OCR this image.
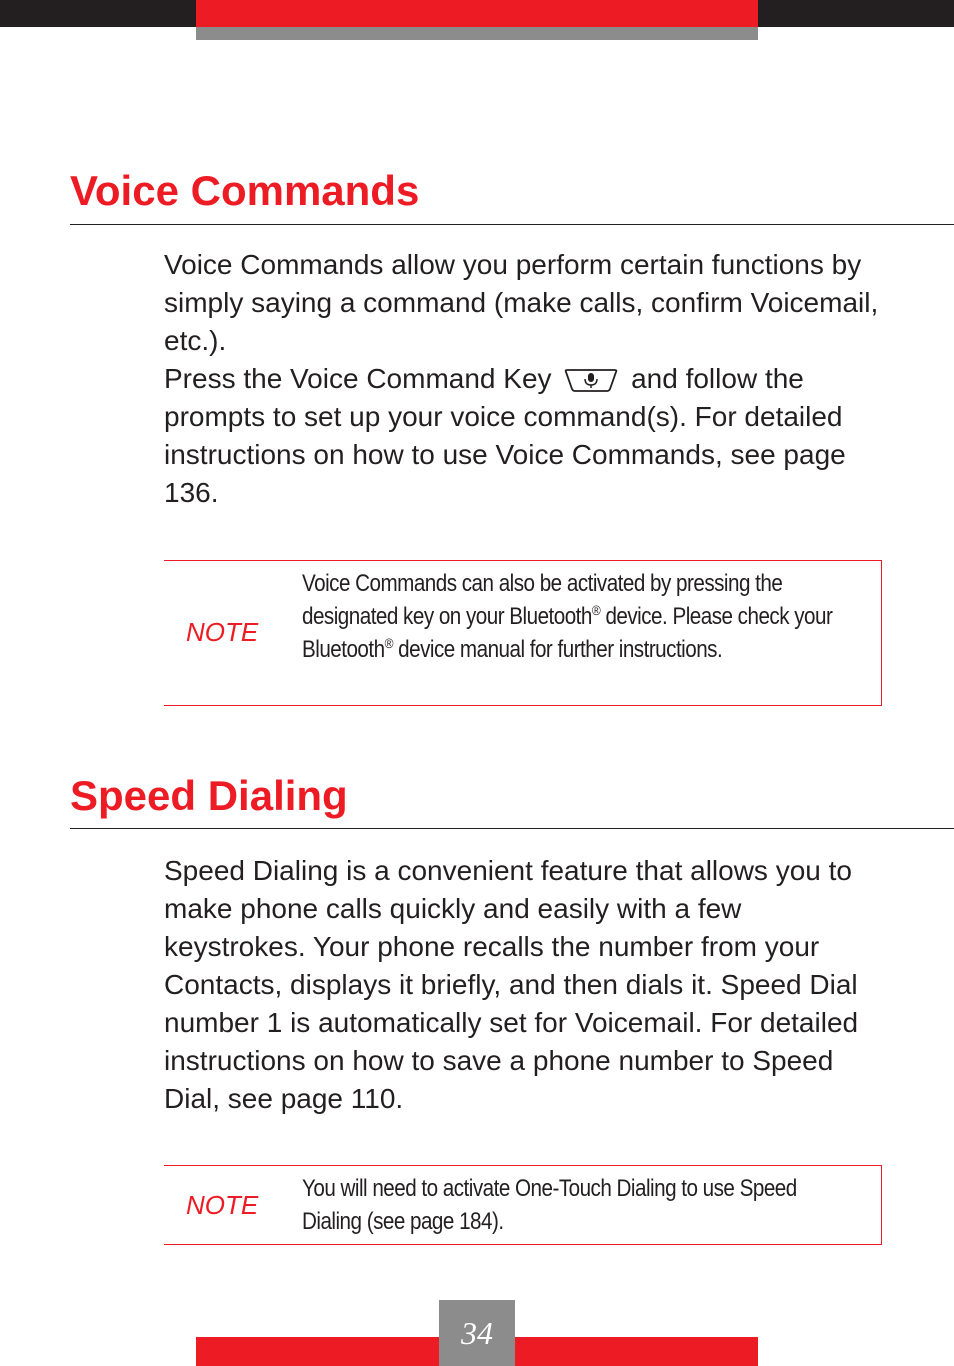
Voice Commands

Voice Commands allow you perform certain functions by simply saying a command (make calls, confirm Voicemail, etc.).

Press the Voice Command Key	and follow the prompts to set up your voice command(s). For detailed instructions on how to use Voice Commands, see page 136.

NOTE
Voice Commands can also be activated by pressing the designated key on your Bluetooth® device. Please check your Bluetooth® device manual for further instructions.
Speed Dialing

Speed Dialing is a convenient feature that allows you to make phone calls quickly and easily with a few keystrokes. Your phone recalls the number from your Contacts, displays it briefly, and then dials it. Speed Dial number 1 is automatically set for Voicemail. For detailed instructions on how to save a phone number to Speed Dial, see page 110.

NOTE
You will need to activate One-Touch Dialing to use Speed Dialing (see page 184).
34
